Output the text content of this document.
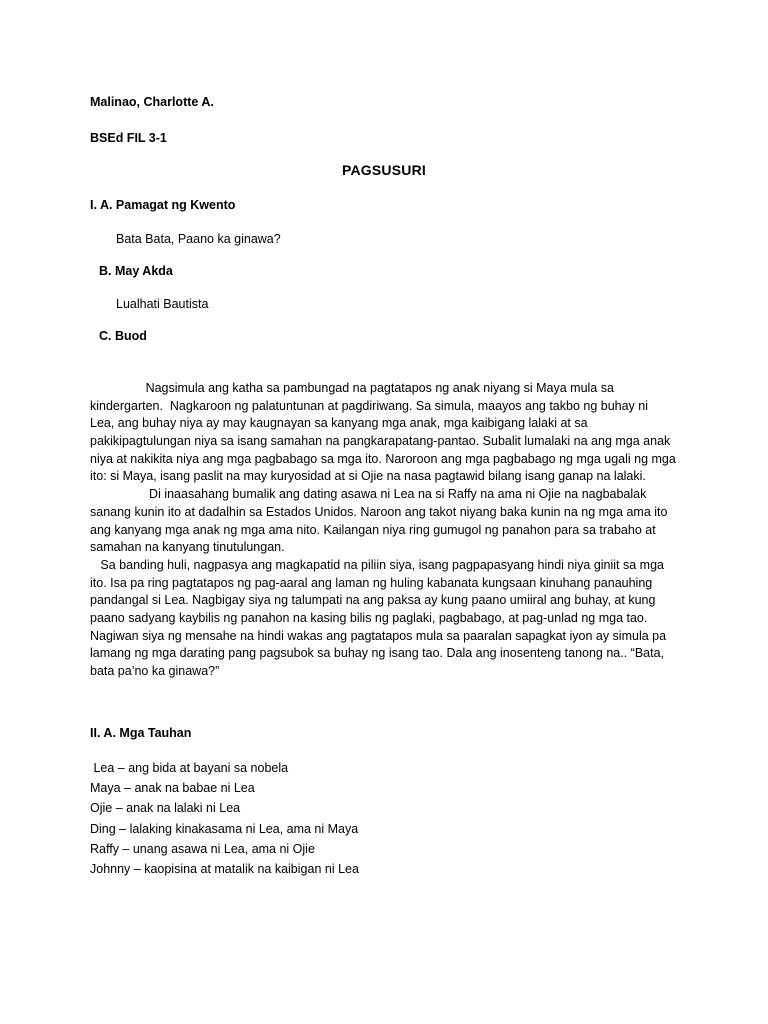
Malinao, Charlotte A.
BSEd FIL 3-1
PAGSUSURI
I. A. Pamagat ng Kwento
Bata Bata, Paano ka ginawa?
B. May Akda
Lualhati Bautista
C. Buod
Nagsimula ang katha sa pambungad na pagtatapos ng anak niyang si Maya mula sa
kindergarten.  Nagkaroon ng palatuntunan at pagdiriwang. Sa simula, maayos ang takbo ng buhay ni
Lea, ang buhay niya ay may kaugnayan sa kanyang mga anak, mga kaibigang lalaki at sa
pakikipagtulungan niya sa isang samahan na pangkarapatang-pantao. Subalit lumalaki na ang mga anak
niya at nakikita niya ang mga pagbabago sa mga ito. Naroroon ang mga pagbabago ng mga ugali ng mga
ito: si Maya, isang paslit na may kuryosidad at si Ojie na nasa pagtawid bilang isang ganap na lalaki.
Di inaasahang bumalik ang dating asawa ni Lea na si Raffy na ama ni Ojie na nagbabalak
sanang kunin ito at dadalhin sa Estados Unidos. Naroon ang takot niyang baka kunin na ng mga ama ito
ang kanyang mga anak ng mga ama nito. Kailangan niya ring gumugol ng panahon para sa trabaho at
samahan na kanyang tinutulungan.
Sa banding huli, nagpasya ang magkapatid na piliin siya, isang pagpapasyang hindi niya giniit sa mga
ito. Isa pa ring pagtatapos ng pag-aaral ang laman ng huling kabanata kungsaan kinuhang panauhing
pandangal si Lea. Nagbigay siya ng talumpati na ang paksa ay kung paano umiiral ang buhay, at kung
paano sadyang kaybilis ng panahon na kasing bilis ng paglaki, pagbabago, at pag-unlad ng mga tao.
Nagiwan siya ng mensahe na hindi wakas ang pagtatapos mula sa paaralan sapagkat iyon ay simula pa
lamang ng mga darating pang pagsubok sa buhay ng isang tao. Dala ang inosenteng tanong na.. “Bata,
bata pa’no ka ginawa?”
II. A. Mga Tauhan
Lea – ang bida at bayani sa nobela
Maya – anak na babae ni Lea
Ojie – anak na lalaki ni Lea
Ding – lalaking kinakasama ni Lea, ama ni Maya
Raffy – unang asawa ni Lea, ama ni Ojie
Johnny – kaopisina at matalik na kaibigan ni Lea
